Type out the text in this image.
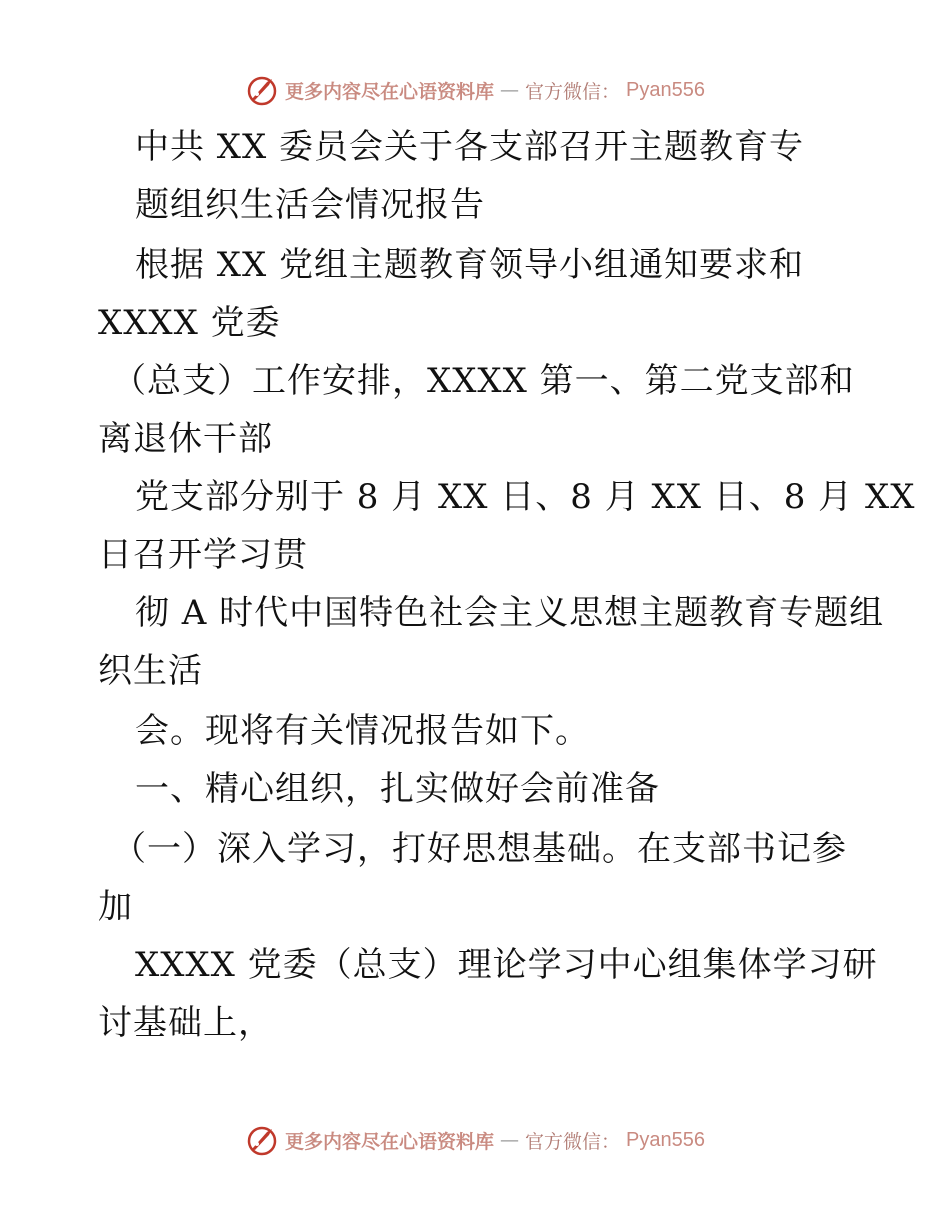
更多内容尽在心语资料库 — 官方微信： Pyan556
中共 XX 委员会关于各支部召开主题教育专
题组织生活会情况报告
根据 XX 党组主题教育领导小组通知要求和
XXXX 党委
（总支）工作安排，XXXX 第一、第二党支部和
离退休干部
党支部分别于 8 月 XX 日、8 月 XX 日、8 月 XX
日召开学习贯
彻 A 时代中国特色社会主义思想主题教育专题组
织生活
会。现将有关情况报告如下。
一、精心组织，扎实做好会前准备
（一）深入学习，打好思想基础。在支部书记参
加
XXXX 党委（总支）理论学习中心组集体学习研
讨基础上，
更多内容尽在心语资料库 — 官方微信： Pyan556
